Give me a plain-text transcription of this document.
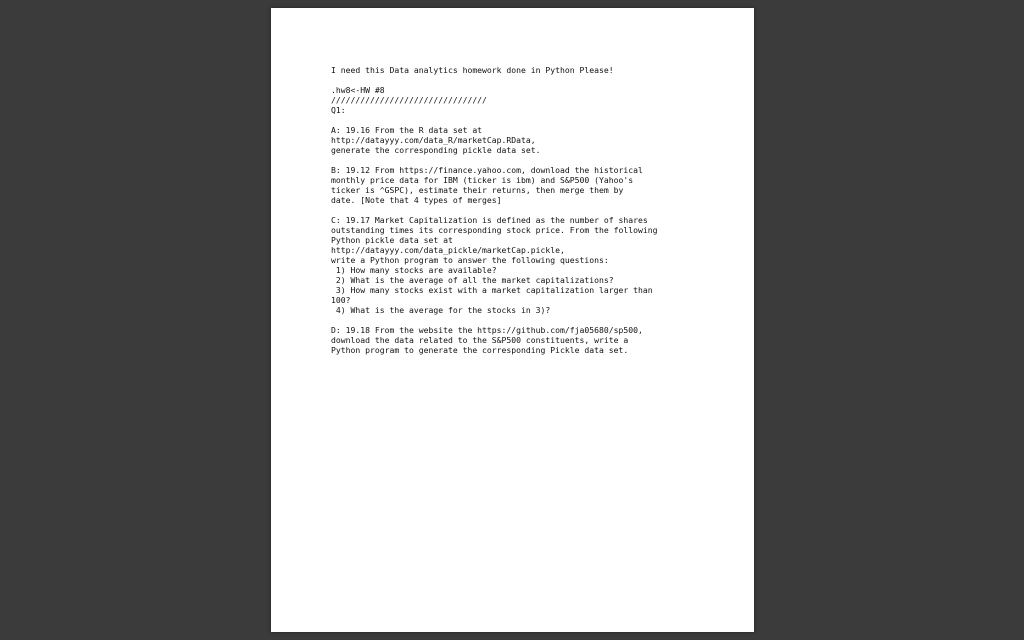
I need this Data analytics homework done in Python Please!
.hw8<-HW #8
////////////////////////////////
Q1:
A: 19.16 From the R data set at
http://datayyy.com/data_R/marketCap.RData,
generate the corresponding pickle data set.
B: 19.12 From https://finance.yahoo.com, download the historical
monthly price data for IBM (ticker is ibm) and S&P500 (Yahoo's
ticker is ^GSPC), estimate their returns, then merge them by
date. [Note that 4 types of merges]
C: 19.17 Market Capitalization is defined as the number of shares
outstanding times its corresponding stock price. From the following
Python pickle data set at
http://datayyy.com/data_pickle/marketCap.pickle,
write a Python program to answer the following questions:
1) How many stocks are available?
2) What is the average of all the market capitalizations?
3) How many stocks exist with a market capitalization larger than
100?
4) What is the average for the stocks in 3)?
D: 19.18 From the website the https://github.com/fja05680/sp500,
download the data related to the S&P500 constituents, write a
Python program to generate the corresponding Pickle data set.
